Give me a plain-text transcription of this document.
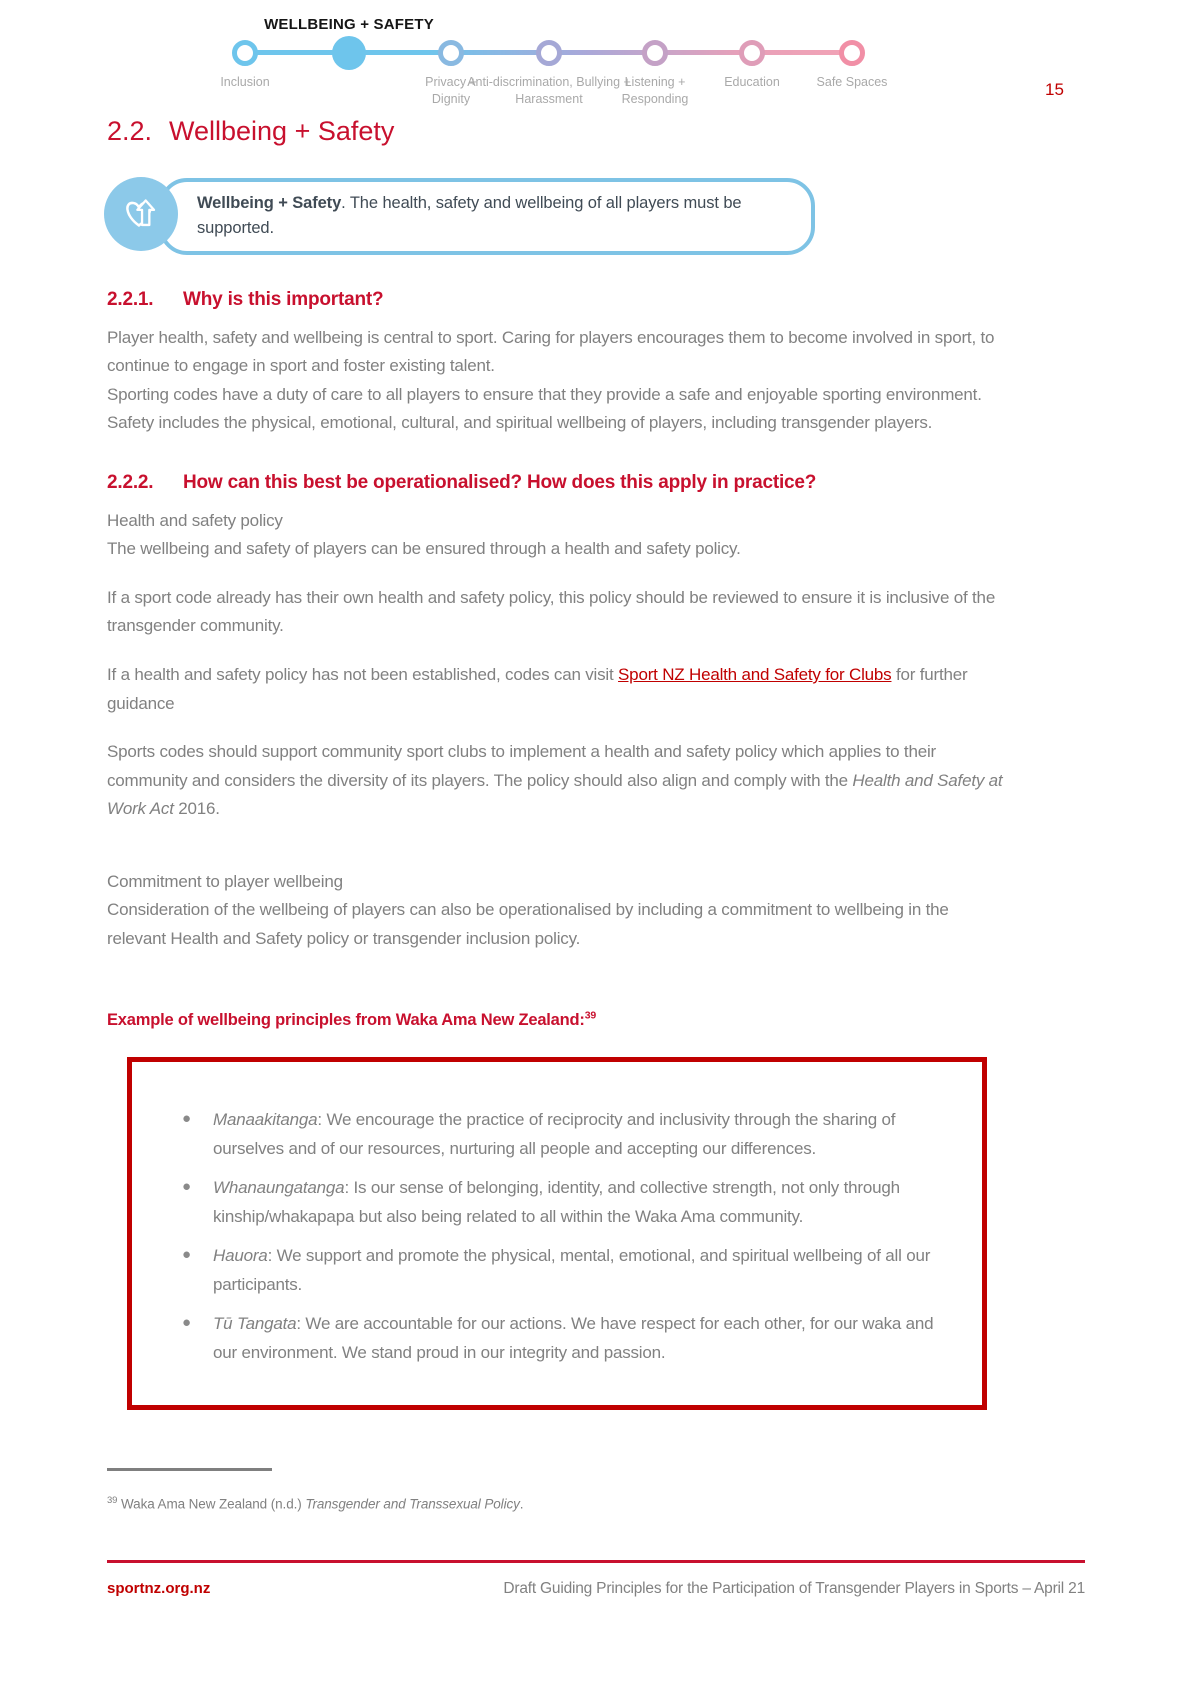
Inclusion
WELLBEING + SAFETY
Privacy + Dignity
Anti-discrimination, Bullying + Harassment
Listening + Responding
Education	Safe Spaces	15
2.2. Wellbeing + Safety
Wellbeing + Safety. The health, safety and wellbeing of all players must be supported.
2.2.1. Why is this important?

Player health, safety and wellbeing is central to sport. Caring for players encourages them to become involved in sport, to continue to engage in sport and foster existing talent.

Sporting codes have a duty of care to all players to ensure that they provide a safe and enjoyable sporting environment. Safety includes the physical, emotional, cultural, and spiritual wellbeing of players, including transgender players.

2.2.2. How can this best be operationalised? How does this apply in practice?

Health and safety policy

The wellbeing and safety of players can be ensured through a health and safety policy.

If a sport code already has their own health and safety policy, this policy should be reviewed to ensure it is inclusive of the transgender community.

If a health and safety policy has not been established, codes can visit Sport NZ Health and Safety for Clubs for further guidance

Sports codes should support community sport clubs to implement a health and safety policy which applies to their community and considers the diversity of its players. The policy should also align and comply with the Health and Safety at Work Act 2016.

Commitment to player wellbeing

Consideration of the wellbeing of players can also be operationalised by including a commitment to wellbeing in the relevant Health and Safety policy or transgender inclusion policy.

Example of wellbeing principles from Waka Ama New Zealand:$^{39}$
● Manaakitanga: We encourage the practice of reciprocity and inclusivity through the sharing of ourselves and of our resources, nurturing all people and accepting our differences.
● Whanaungatanga: Is our sense of belonging, identity, and collective strength, not only through kinship/whakapapa but also being related to all within the Waka Ama community.
● Hauora: We support and promote the physical, mental, emotional, and spiritual wellbeing of all our participants.
● Tū Tangata: We are accountable for our actions. We have respect for each other, for our waka and our environment. We stand proud in our integrity and passion.

$^{39}$ Waka Ama New Zealand (n.d.) Transgender and Transsexual Policy.

sportnz.org.nz	Draft Guiding Principles for the Participation of Transgender Players in Sports – April 21
